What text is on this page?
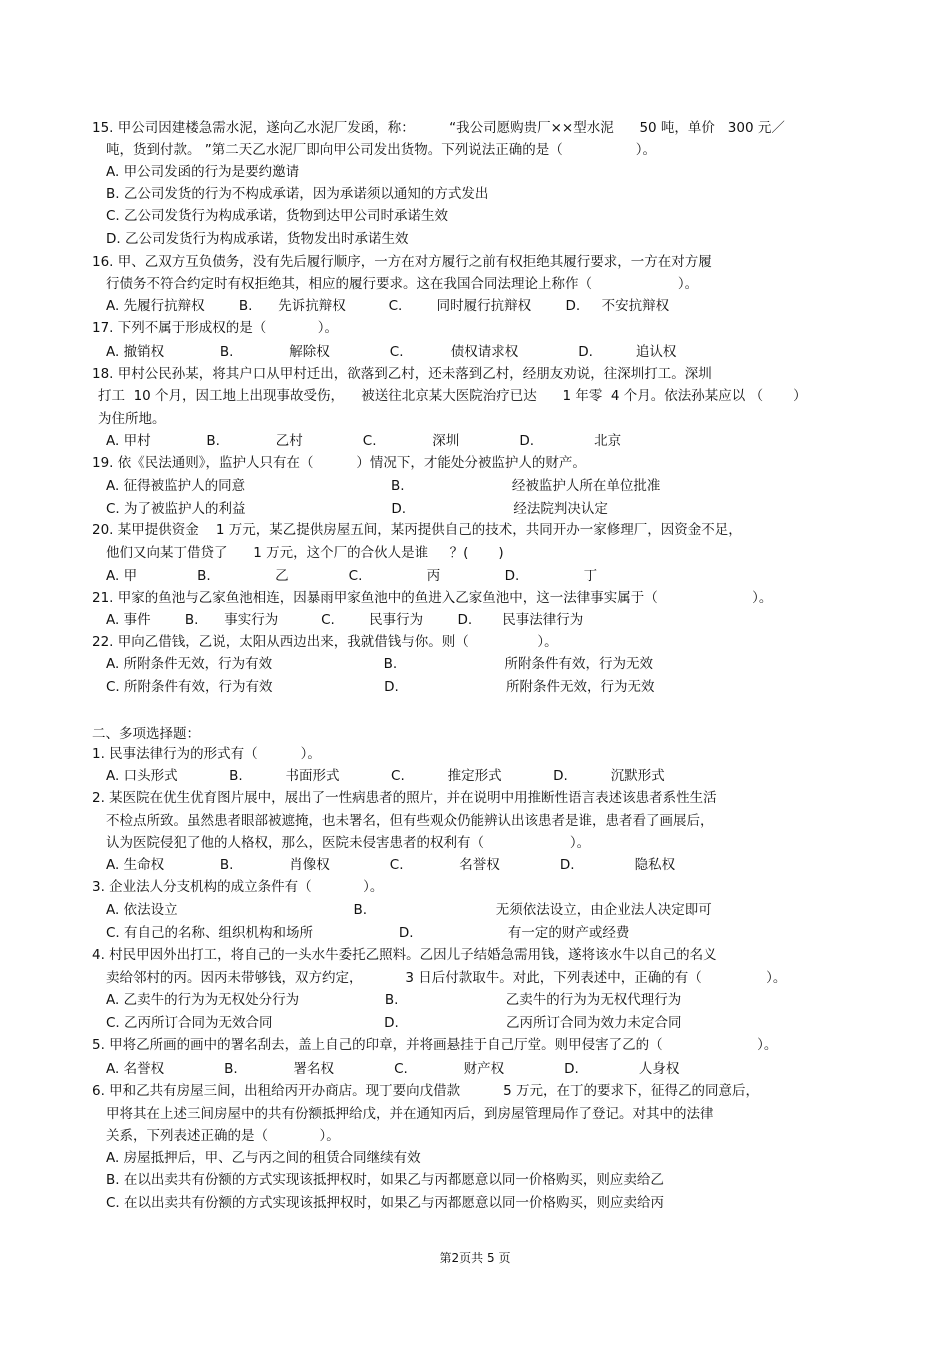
15. 甲公司因建楼急需水泥，遂向乙水泥厂发函，称：        “我公司愿购贵厂××型水泥      50 吨，单价   300 元／
吨，货到付款。 ”第二天乙水泥厂即向甲公司发出货物。下列说法正确的是（                 ）。
A. 甲公司发函的行为是要约邀请
B. 乙公司发货的行为不构成承诺，因为承诺须以通知的方式发出
C. 乙公司发货行为构成承诺，货物到达甲公司时承诺生效
D. 乙公司发货行为构成承诺，货物发出时承诺生效
16. 甲、乙双方互负债务，没有先后履行顺序，一方在对方履行之前有权拒绝其履行要求，一方在对方履
行债务不符合约定时有权拒绝其，相应的履行要求。这在我国合同法理论上称作（                    ）。
A. 先履行抗辩权        B.      先诉抗辩权          C.        同时履行抗辩权        D.     不安抗辩权
17. 下列不属于形成权的是（            ）。
A. 撤销权             B.             解除权              C.           债权请求权              D.          追认权
18. 甲村公民孙某，将其户口从甲村迁出，欲落到乙村，还未落到乙村，经朋友劝说，往深圳打工。深圳
打工  10 个月，因工地上出现事故受伤，    被送往北京某大医院治疗已达      1 年零  4 个月。依法孙某应以 （       ）
为住所地。
A. 甲村             B.             乙村              C.             深圳              D.              北京
19. 依《民法通则》，监护人只有在（          ）情况下，才能处分被监护人的财产。
A. 征得被监护人的同意                                  B.                         经被监护人所在单位批准
C. 为了被监护人的利益                                  D.                         经法院判决认定
20. 某甲提供资金    1 万元，某乙提供房屋五间，某丙提供自己的技术，共同开办一家修理厂，因资金不足，
他们又向某丁借贷了      1 万元，这个厂的合伙人是谁     ？(       )
A. 甲              B.               乙              C.               丙               D.               丁
21. 甲家的鱼池与乙家鱼池相连，因暴雨甲家鱼池中的鱼进入乙家鱼池中，这一法律事实属于（                      ）。
A. 事件        B.      事实行为          C.        民事行为        D.       民事法律行为
22. 甲向乙借钱，乙说，太阳从西边出来，我就借钱与你。则（                ）。
A. 所附条件无效，行为有效                          B.                         所附条件有效，行为无效
C. 所附条件有效，行为有效                          D.                         所附条件无效，行为无效
二、多项选择题：
1. 民事法律行为的形式有（          ）。
A. 口头形式            B.          书面形式            C.          推定形式            D.          沉默形式
2. 某医院在优生优育图片展中，展出了一性病患者的照片，并在说明中用推断性语言表述该患者系性生活
不检点所致。虽然患者眼部被遮掩，也未署名，但有些观众仍能辨认出该患者是谁，患者看了画展后，
认为医院侵犯了他的人格权，那么，医院未侵害患者的权利有（                    ）。
A. 生命权             B.             肖像权              C.             名誉权              D.              隐私权
3. 企业法人分支机构的成立条件有（            ）。
A. 依法设立                                         B.                              无须依法设立，由企业法人决定即可
C. 有自己的名称、组织机构和场所                    D.                      有一定的财产或经费
4. 村民甲因外出打工，将自己的一头水牛委托乙照料。乙因儿子结婚急需用钱，遂将该水牛以自己的名义
卖给邻村的丙。因丙未带够钱，双方约定，          3 日后付款取牛。对此，下列表述中，正确的有（               ）。
A. 乙卖牛的行为为无权处分行为                    B.                         乙卖牛的行为为无权代理行为
C. 乙丙所订合同为无效合同                          D.                         乙丙所订合同为效力未定合同
5. 甲将乙所画的画中的署名刮去，盖上自己的印章，并将画悬挂于自己厅堂。则甲侵害了乙的（                      ）。
A. 名誉权              B.             署名权              C.             财产权              D.              人身权
6. 甲和乙共有房屋三间，出租给丙开办商店。现丁要向戊借款          5 万元，在丁的要求下，征得乙的同意后，
甲将其在上述三间房屋中的共有份额抵押给戊，并在通知丙后，到房屋管理局作了登记。对其中的法律
关系，下列表述正确的是（            ）。
A. 房屋抵押后，甲、乙与丙之间的租赁合同继续有效
B. 在以出卖共有份额的方式实现该抵押权时，如果乙与丙都愿意以同一价格购买，则应卖给乙
C. 在以出卖共有份额的方式实现该抵押权时，如果乙与丙都愿意以同一价格购买，则应卖给丙
第2页共 5 页
